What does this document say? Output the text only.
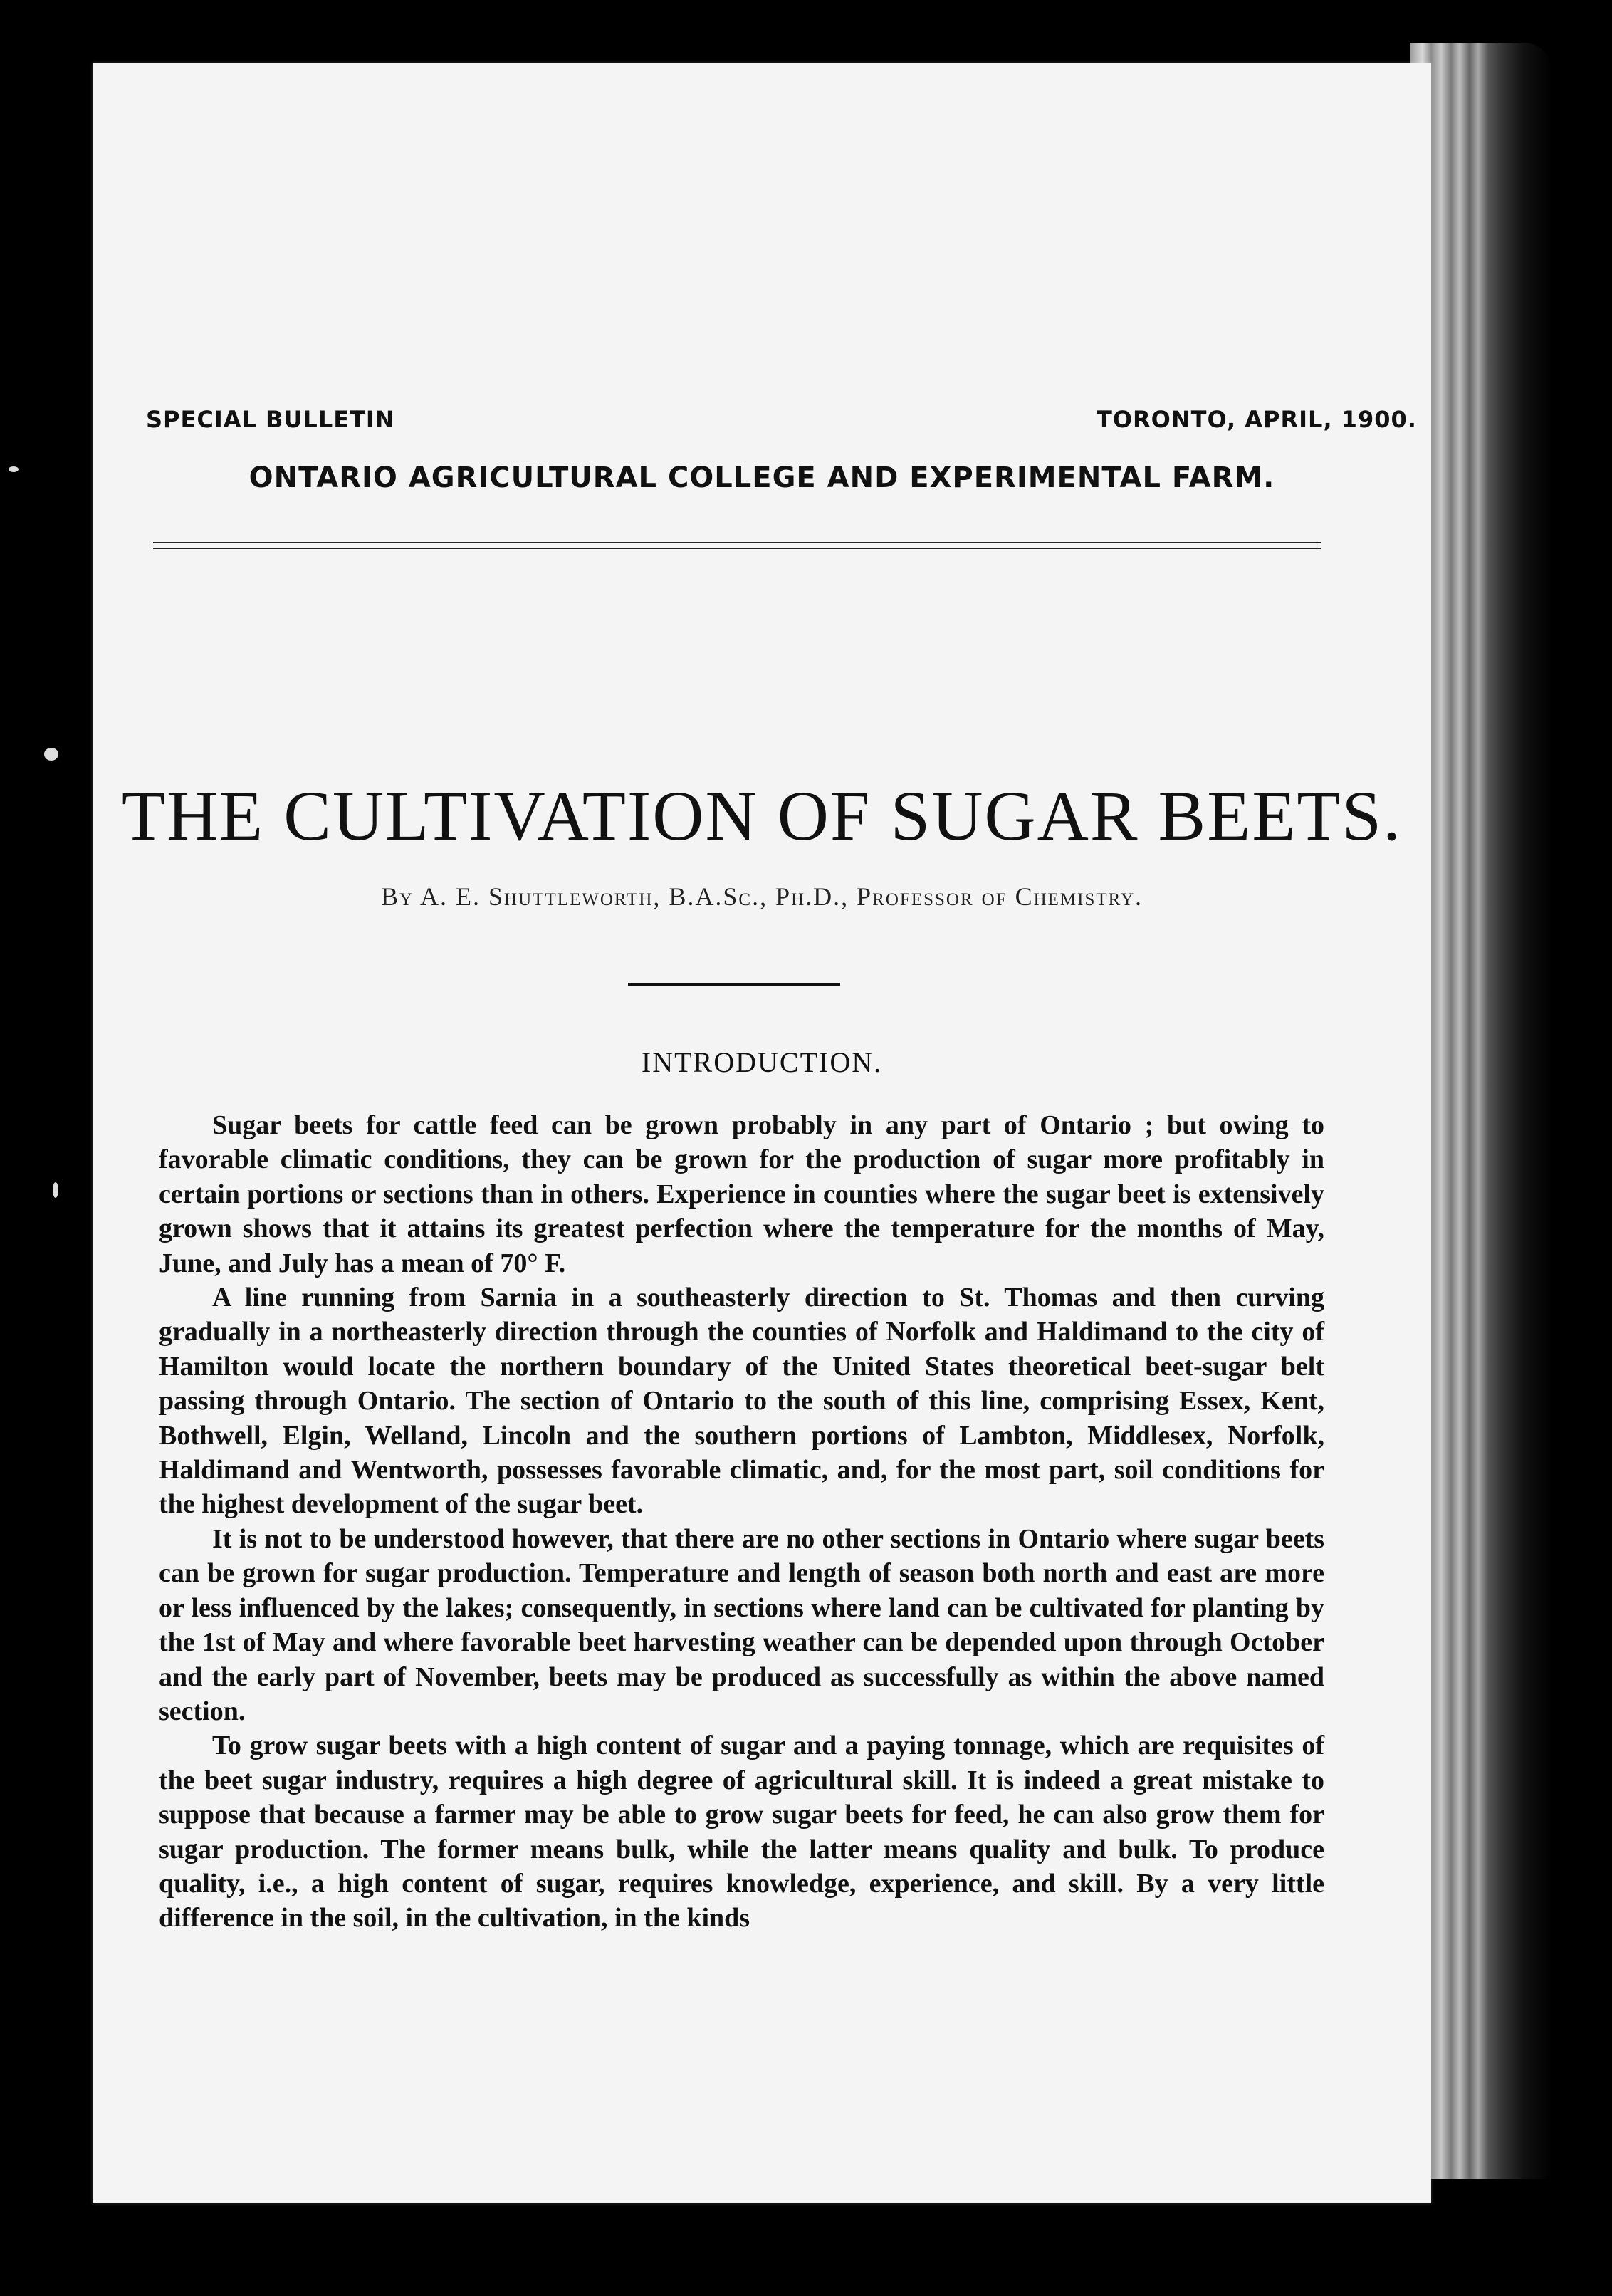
SPECIAL BULLETIN	TORONTO, APRIL, 1900.
ONTARIO AGRICULTURAL COLLEGE AND EXPERIMENTAL FARM.
THE CULTIVATION OF SUGAR BEETS.
By A. E. Shuttleworth, B.A.Sc., Ph.D., Professor of Chemistry.
INTRODUCTION.

Sugar beets for cattle feed can be grown probably in any part of Ontario ; but owing to favorable climatic conditions, they can be grown for the production of sugar more profitably in certain portions or sections than in others. Experience in counties where the sugar beet is extensively grown shows that it attains its greatest perfection where the temperature for the months of May, June, and July has a mean of 70° F.

A line running from Sarnia in a southeasterly direction to St. Thomas and then curving gradually in a northeasterly direction through the counties of Norfolk and Haldimand to the city of Hamilton would locate the northern boundary of the United States theoretical beet-sugar belt passing through Ontario. The section of Ontario to the south of this line, comprising Essex, Kent, Bothwell, Elgin, Welland, Lincoln and the southern portions of Lambton, Middlesex, Norfolk, Haldimand and Wentworth, possesses favorable climatic, and, for the most part, soil conditions for the highest development of the sugar beet.

It is not to be understood however, that there are no other sections in Ontario where sugar beets can be grown for sugar production. Temperature and length of season both north and east are more or less influenced by the lakes; consequently, in sections where land can be cultivated for planting by the 1st of May and where favorable beet harvesting weather can be depended upon through October and the early part of November, beets may be produced as successfully as within the above named section.

To grow sugar beets with a high content of sugar and a paying tonnage, which are requisites of the beet sugar industry, requires a high degree of agricultural skill. It is indeed a great mistake to suppose that because a farmer may be able to grow sugar beets for feed, he can also grow them for sugar production. The former means bulk, while the latter means quality and bulk. To produce quality, i.e., a high content of sugar, requires knowledge, experience, and skill. By a very little difference in the soil, in the cultivation, in the kinds
